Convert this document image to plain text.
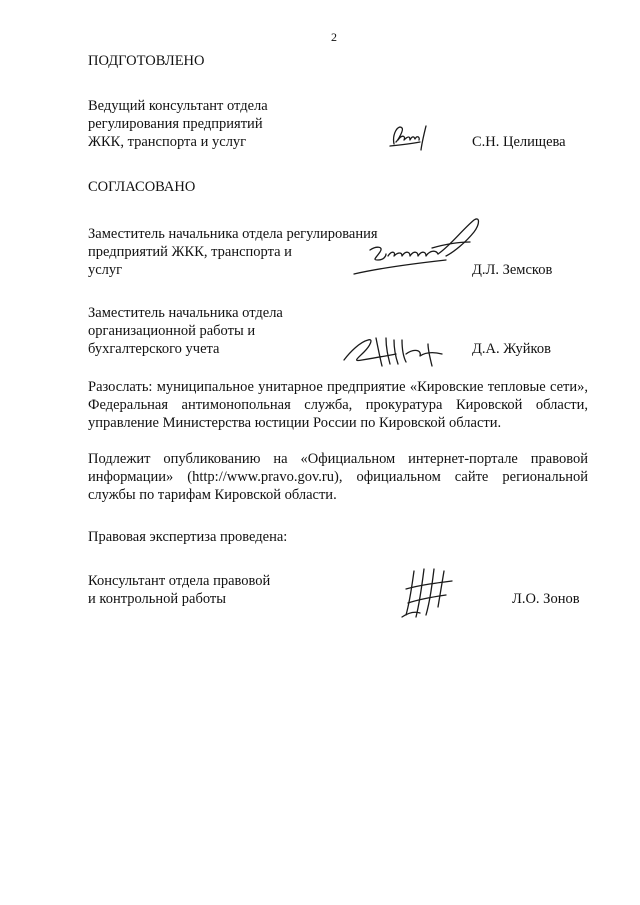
2
ПОДГОТОВЛЕНО
Ведущий консультант отдела
регулирования предприятий
ЖКК, транспорта и услуг	С.Н. Целищева
СОГЛАСОВАНО
Заместитель начальника отдела регулирования
предприятий ЖКК, транспорта и
услуг	Д.Л. Земсков
Заместитель начальника отдела
организационной работы и
бухгалтерского учета	Д.А. Жуйков
Разослать: муниципальное унитарное предприятие «Кировские тепловые сети», Федеральная антимонопольная служба, прокуратура Кировской области, управление Министерства юстиции России по Кировской области.
Подлежит опубликованию на «Официальном интернет-портале правовой информации» (http://www.pravo.gov.ru), официальном сайте региональной службы по тарифам Кировской области.
Правовая экспертиза проведена:
Консультант отдела правовой
и контрольной работы	Л.О. Зонов
